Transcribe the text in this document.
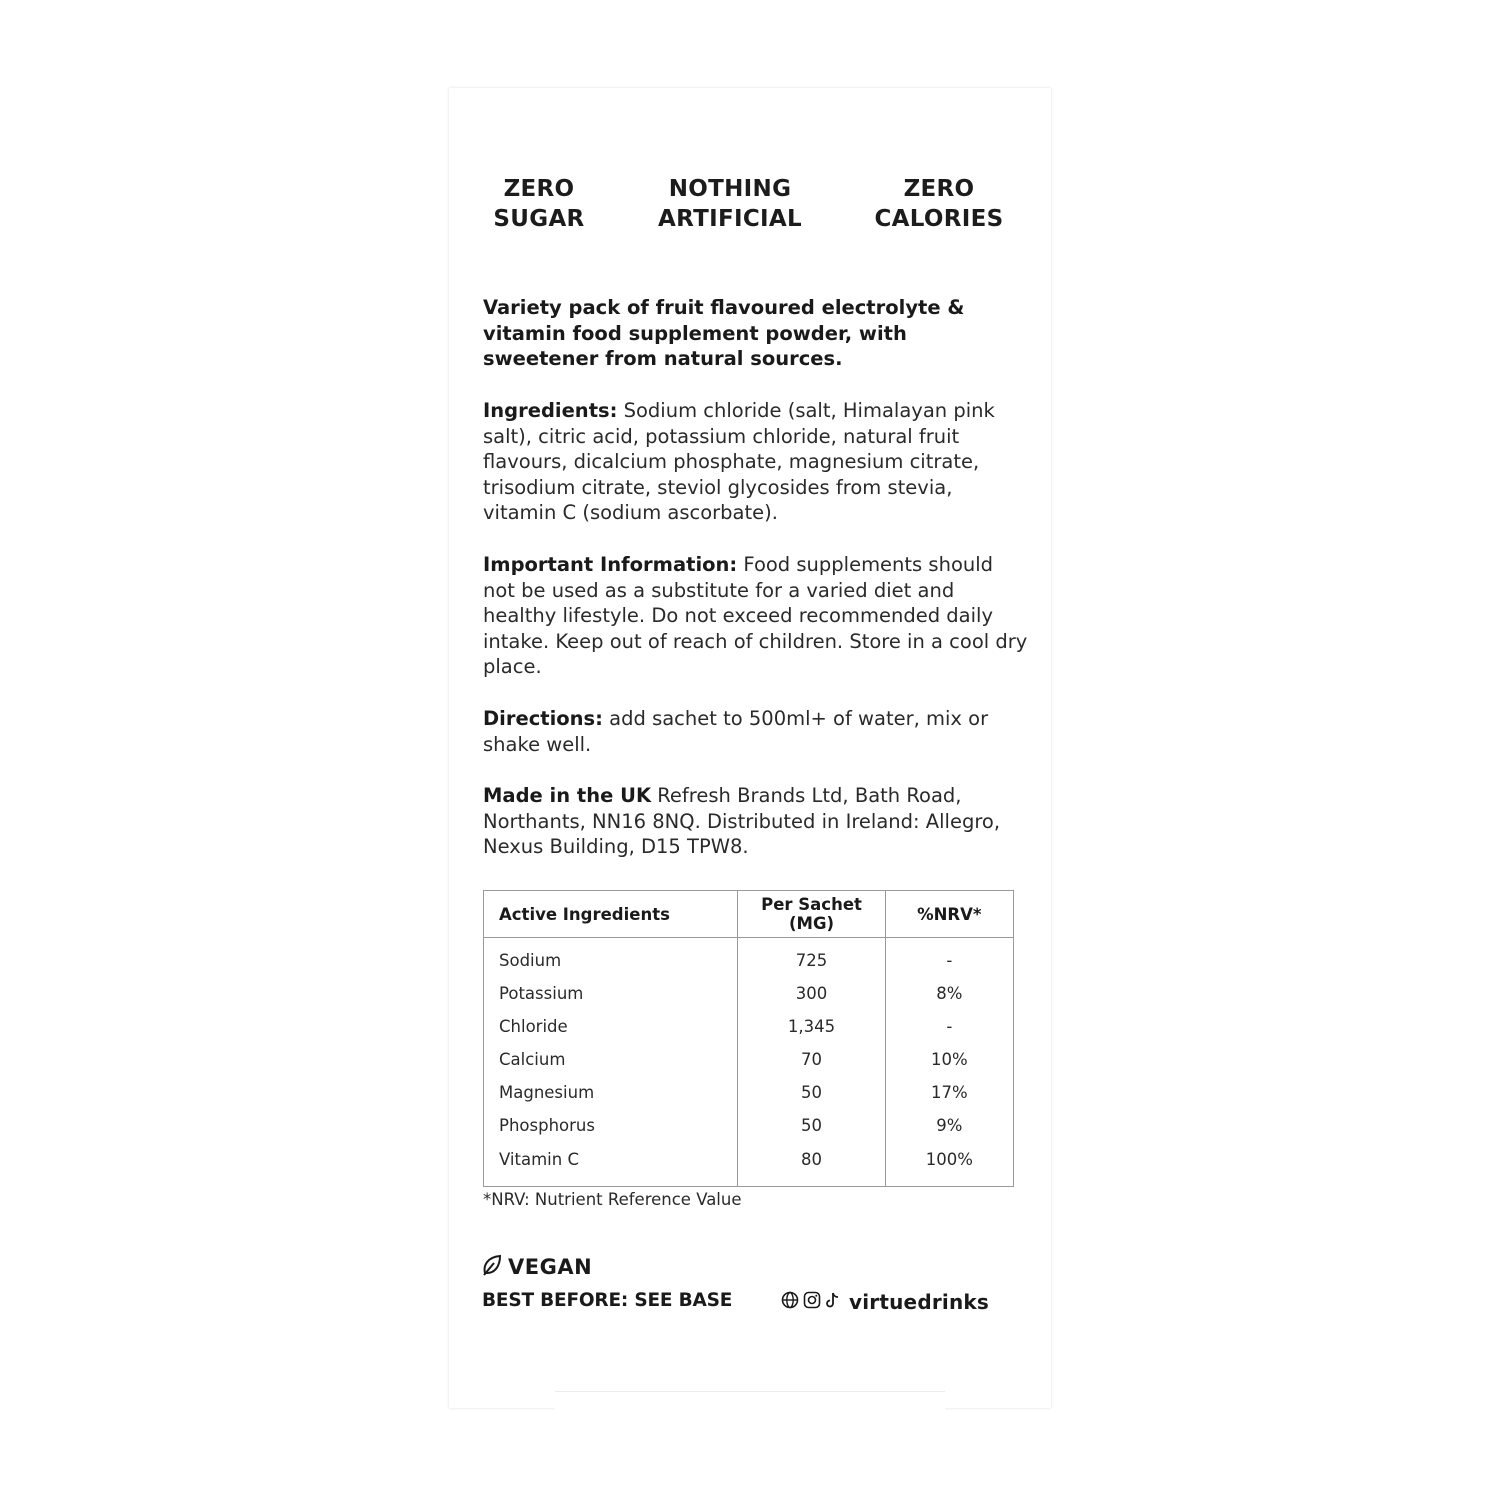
ZERO
SUGAR
NOTHING
ARTIFICIAL
ZERO
CALORIES
Variety pack of fruit flavoured electrolyte & vitamin food supplement powder, with sweetener from natural sources.
Ingredients: Sodium chloride (salt, Himalayan pink salt), citric acid, potassium chloride, natural fruit flavours, dicalcium phosphate, magnesium citrate, trisodium citrate, steviol glycosides from stevia, vitamin C (sodium ascorbate).
Important Information: Food supplements should not be used as a substitute for a varied diet and healthy lifestyle. Do not exceed recommended daily intake. Keep out of reach of children. Store in a cool dry place.
Directions: add sachet to 500ml+ of water, mix or shake well.
Made in the UK Refresh Brands Ltd, Bath Road, Northants, NN16 8NQ. Distributed in Ireland: Allegro, Nexus Building, D15 TPW8.
Active Ingredients	Per Sachet (MG)	%NRV*
Sodium	725	-
Potassium	300	8%
Chloride	1,345	-
Calcium	70	10%
Magnesium	50	17%
Phosphorus	50	9%
Vitamin C	80	100%
*NRV: Nutrient Reference Value
VEGAN
BEST BEFORE: SEE BASE	virtuedrinks
